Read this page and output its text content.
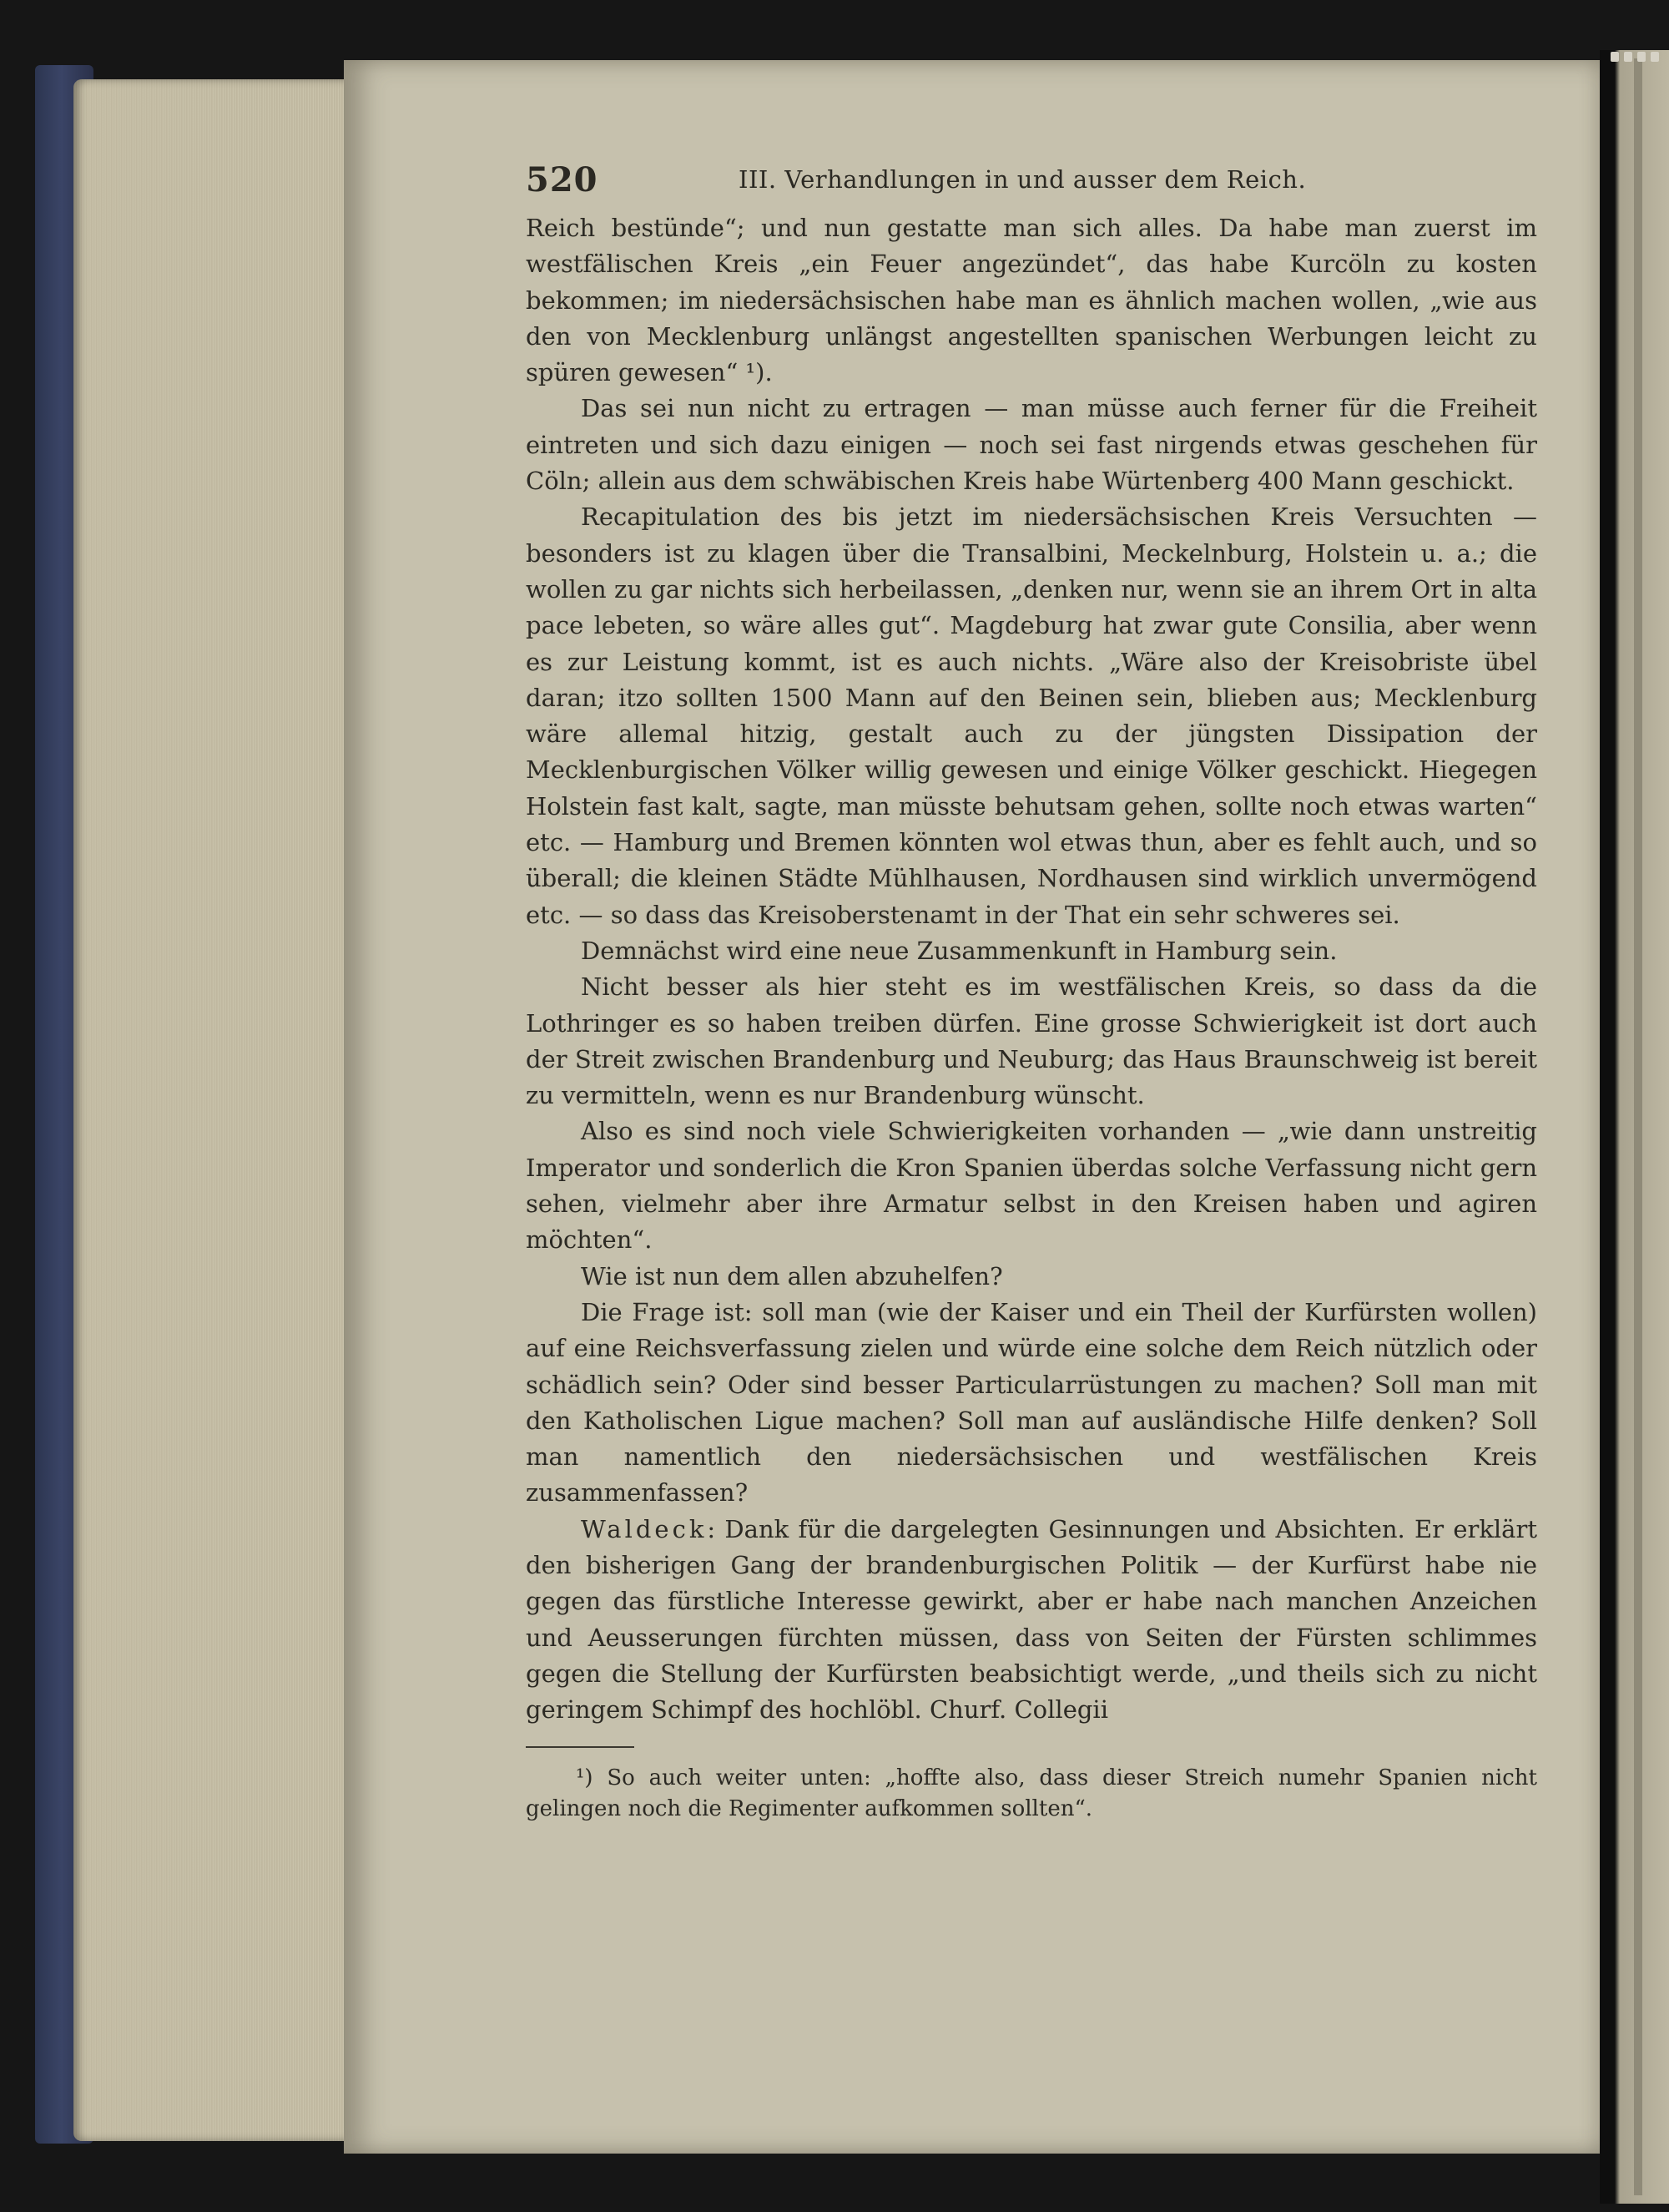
520	III. Verhandlungen in und ausser dem Reich.

Reich bestünde“; und nun gestatte man sich alles. Da habe man zuerst im westfälischen Kreis „ein Feuer angezündet“, das habe Kurcöln zu kosten bekommen; im niedersächsischen habe man es ähnlich machen wollen, „wie aus den von Mecklenburg unlängst angestellten spanischen Werbungen leicht zu spüren gewesen“ ¹).

Das sei nun nicht zu ertragen — man müsse auch ferner für die Freiheit eintreten und sich dazu einigen — noch sei fast nirgends etwas geschehen für Cöln; allein aus dem schwäbischen Kreis habe Würtenberg 400 Mann geschickt.

Recapitulation des bis jetzt im niedersächsischen Kreis Versuchten — besonders ist zu klagen über die Transalbini, Meckelnburg, Holstein u. a.; die wollen zu gar nichts sich herbeilassen, „denken nur, wenn sie an ihrem Ort in alta pace lebeten, so wäre alles gut“. Magdeburg hat zwar gute Consilia, aber wenn es zur Leistung kommt, ist es auch nichts. „Wäre also der Kreisobriste übel daran; itzo sollten 1500 Mann auf den Beinen sein, blieben aus; Mecklenburg wäre allemal hitzig, gestalt auch zu der jüngsten Dissipation der Mecklenburgischen Völker willig gewesen und einige Völker geschickt. Hiegegen Holstein fast kalt, sagte, man müsste behutsam gehen, sollte noch etwas warten“ etc. — Hamburg und Bremen könnten wol etwas thun, aber es fehlt auch, und so überall; die kleinen Städte Mühlhausen, Nordhausen sind wirklich unvermögend etc. — so dass das Kreisoberstenamt in der That ein sehr schweres sei.

Demnächst wird eine neue Zusammenkunft in Hamburg sein.

Nicht besser als hier steht es im westfälischen Kreis, so dass da die Lothringer es so haben treiben dürfen. Eine grosse Schwierigkeit ist dort auch der Streit zwischen Brandenburg und Neuburg; das Haus Braunschweig ist bereit zu vermitteln, wenn es nur Brandenburg wünscht.

Also es sind noch viele Schwierigkeiten vorhanden — „wie dann unstreitig Imperator und sonderlich die Kron Spanien überdas solche Verfassung nicht gern sehen, vielmehr aber ihre Armatur selbst in den Kreisen haben und agiren möchten“.

Wie ist nun dem allen abzuhelfen?

Die Frage ist: soll man (wie der Kaiser und ein Theil der Kurfürsten wollen) auf eine Reichsverfassung zielen und würde eine solche dem Reich nützlich oder schädlich sein? Oder sind besser Particularrüstungen zu machen? Soll man mit den Katholischen Ligue machen? Soll man auf ausländische Hilfe denken? Soll man namentlich den niedersächsischen und westfälischen Kreis zusammenfassen?

Waldeck: Dank für die dargelegten Gesinnungen und Absichten. Er erklärt den bisherigen Gang der brandenburgischen Politik — der Kurfürst habe nie gegen das fürstliche Interesse gewirkt, aber er habe nach manchen Anzeichen und Aeusserungen fürchten müssen, dass von Seiten der Fürsten schlimmes gegen die Stellung der Kurfürsten beabsichtigt werde, „und theils sich zu nicht geringem Schimpf des hochlöbl. Churf. Collegii

¹) So auch weiter unten: „hoffte also, dass dieser Streich numehr Spanien nicht gelingen noch die Regimenter aufkommen sollten“.
